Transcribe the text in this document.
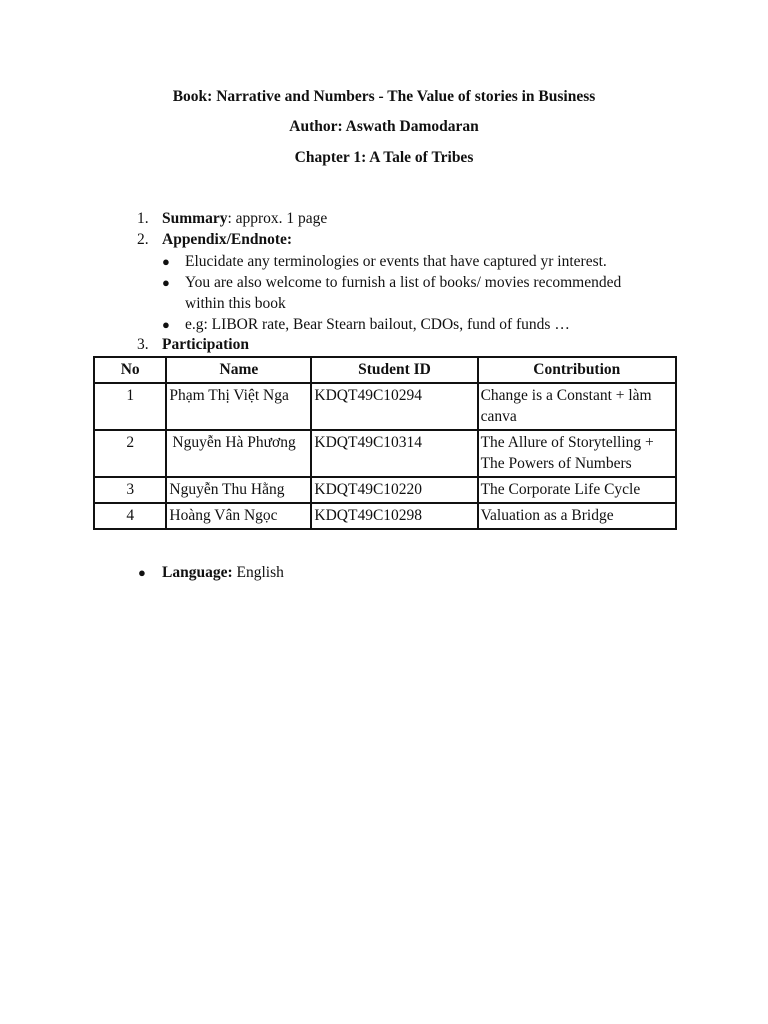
Book: Narrative and Numbers - The Value of stories in Business
Author: Aswath Damodaran
Chapter 1: A Tale of Tribes
1. Summary: approx. 1 page
2. Appendix/Endnote:
● Elucidate any terminologies or events that have captured yr interest.
● You are also welcome to furnish a list of books/ movies recommended within this book
● e.g: LIBOR rate, Bear Stearn bailout, CDOs, fund of funds …
3. Participation
No	Name	Student ID	Contribution
1	Phạm Thị Việt Nga	KDQT49C10294	Change is a Constant + làm canva
2	Nguyễn Hà Phương	KDQT49C10314	The Allure of Storytelling + The Powers of Numbers
3	Nguyễn Thu Hằng	KDQT49C10220	The Corporate Life Cycle
4	Hoàng Vân Ngọc	KDQT49C10298	Valuation as a Bridge
● Language: English
